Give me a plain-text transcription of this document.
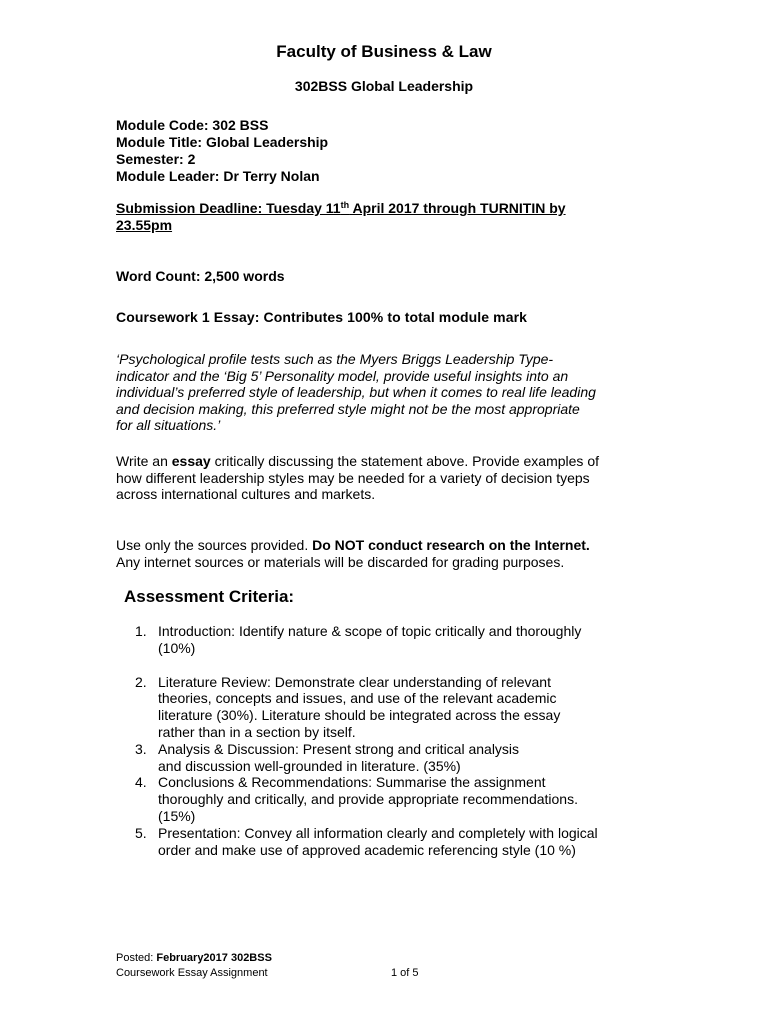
Faculty of Business & Law
302BSS Global Leadership
Module Code: 302 BSS
Module Title: Global Leadership
Semester: 2
Module Leader: Dr Terry Nolan
Submission Deadline: Tuesday 11th April 2017 through TURNITIN by
23.55pm
Word Count: 2,500 words
Coursework 1 Essay: Contributes 100% to total module mark
‘Psychological profile tests such as the Myers Briggs Leadership Type-
indicator and the ‘Big 5’ Personality model, provide useful insights into an
individual’s preferred style of leadership, but when it comes to real life leading
and decision making, this preferred style might not be the most appropriate
for all situations.’
Write an essay critically discussing the statement above. Provide examples of
how different leadership styles may be needed for a variety of decision tyeps
across international cultures and markets.
Use only the sources provided. Do NOT conduct research on the Internet.
Any internet sources or materials will be discarded for grading purposes.
Assessment Criteria:
1. Introduction: Identify nature & scope of topic critically and thoroughly
(10%)
2. Literature Review: Demonstrate clear understanding of relevant
theories, concepts and issues, and use of the relevant academic
literature (30%). Literature should be integrated across the essay
rather than in a section by itself.
3. Analysis & Discussion: Present strong and critical analysis
and discussion well-grounded in literature. (35%)
4. Conclusions & Recommendations: Summarise the assignment
thoroughly and critically, and provide appropriate recommendations.
(15%)
5. Presentation: Convey all information clearly and completely with logical
order and make use of approved academic referencing style (10 %)
Posted: February2017 302BSS
Coursework Essay Assignment	1 of 5
